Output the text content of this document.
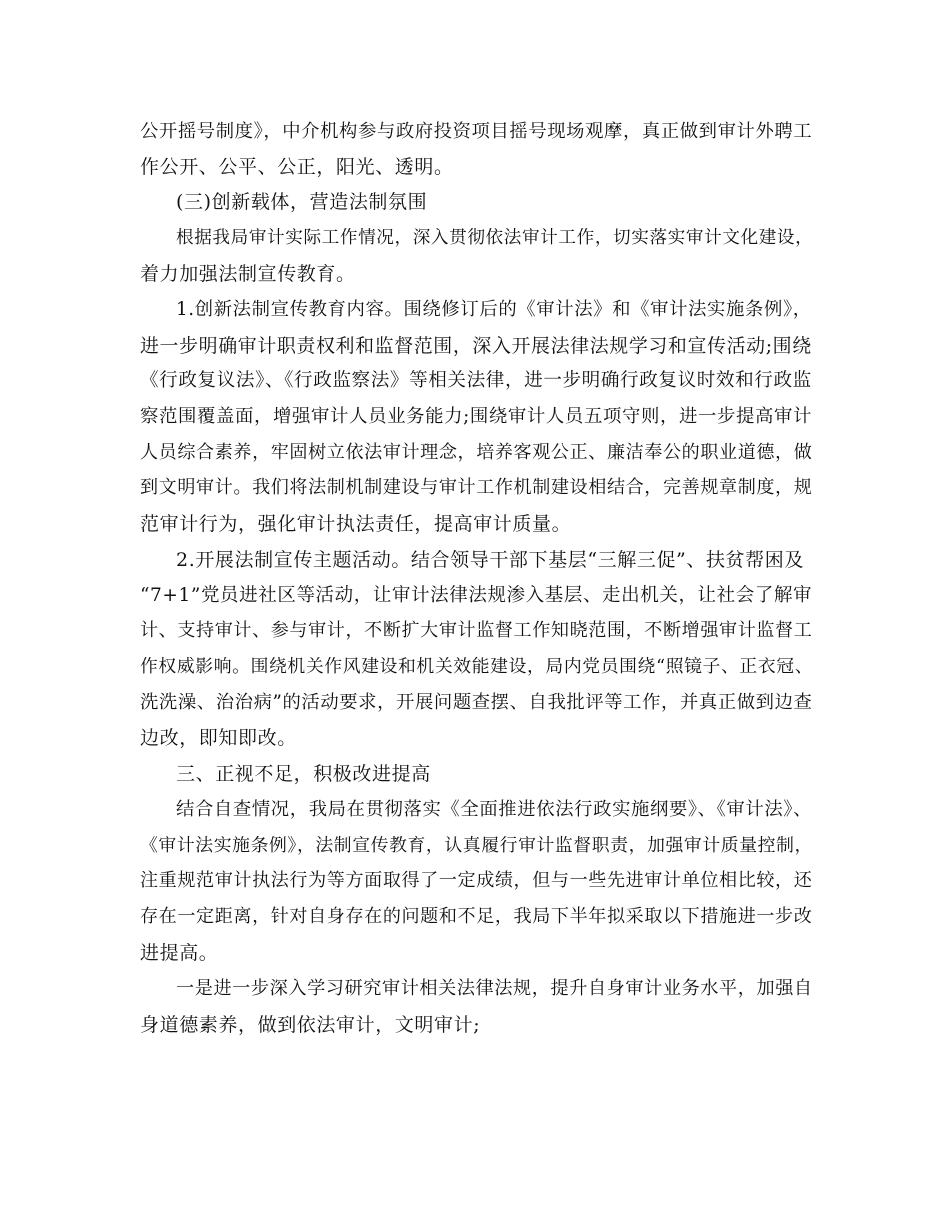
公开摇号制度》，中介机构参与政府投资项目摇号现场观摩，真正做到审计外聘工
作公开、公平、公正，阳光、透明。
(三)创新载体，营造法制氛围
根据我局审计实际工作情况，深入贯彻依法审计工作，切实落实审计文化建设，
着力加强法制宣传教育。
1.创新法制宣传教育内容。围绕修订后的《审计法》和《审计法实施条例》，
进一步明确审计职责权利和监督范围，深入开展法律法规学习和宣传活动;围绕
《行政复议法》、《行政监察法》等相关法律，进一步明确行政复议时效和行政监
察范围覆盖面，增强审计人员业务能力;围绕审计人员五项守则，进一步提高审计
人员综合素养，牢固树立依法审计理念，培养客观公正、廉洁奉公的职业道德，做
到文明审计。我们将法制机制建设与审计工作机制建设相结合，完善规章制度，规
范审计行为，强化审计执法责任，提高审计质量。
2.开展法制宣传主题活动。结合领导干部下基层“三解三促”、扶贫帮困及
“7+1”党员进社区等活动，让审计法律法规渗入基层、走出机关，让社会了解审
计、支持审计、参与审计，不断扩大审计监督工作知晓范围，不断增强审计监督工
作权威影响。围绕机关作风建设和机关效能建设，局内党员围绕“照镜子、正衣冠、
洗洗澡、治治病”的活动要求，开展问题查摆、自我批评等工作，并真正做到边查
边改，即知即改。
三、正视不足，积极改进提高
结合自查情况，我局在贯彻落实《全面推进依法行政实施纲要》、《审计法》、
《审计法实施条例》，法制宣传教育，认真履行审计监督职责，加强审计质量控制，
注重规范审计执法行为等方面取得了一定成绩，但与一些先进审计单位相比较，还
存在一定距离，针对自身存在的问题和不足，我局下半年拟采取以下措施进一步改
进提高。
一是进一步深入学习研究审计相关法律法规，提升自身审计业务水平，加强自
身道德素养，做到依法审计，文明审计;
